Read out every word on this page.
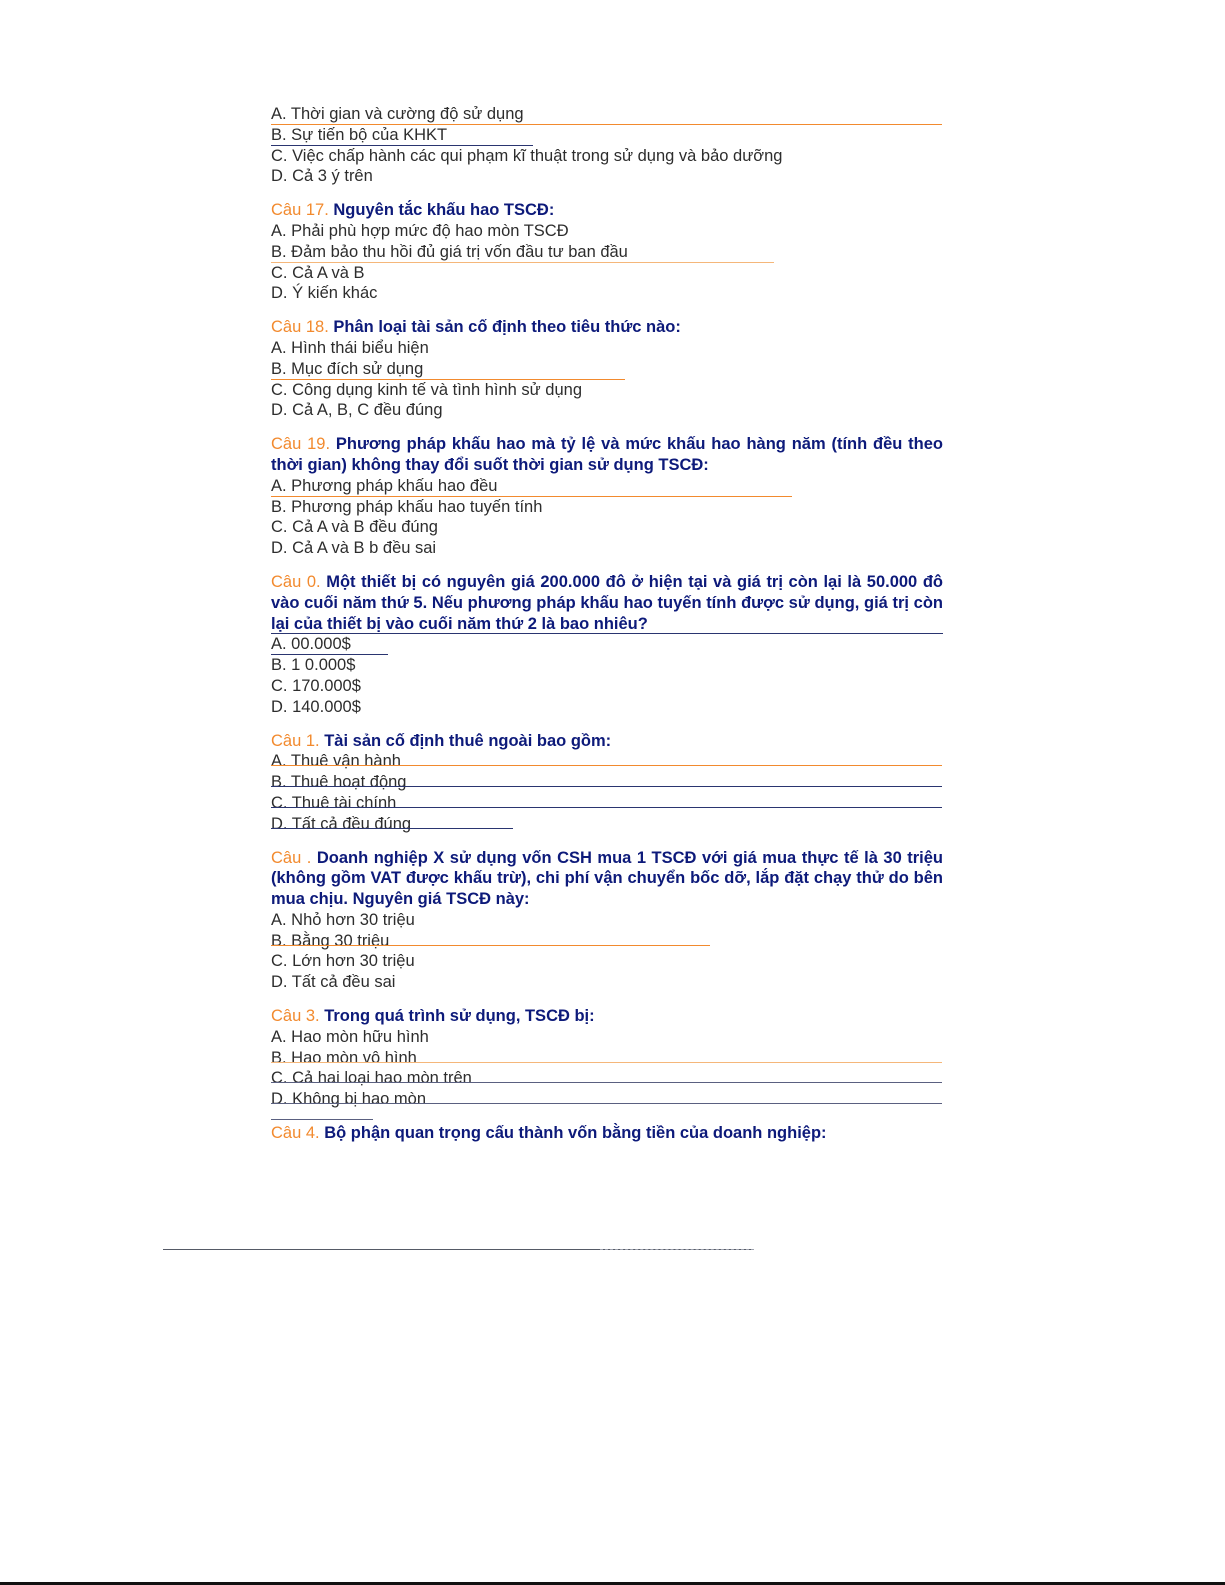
A. Thời gian và cường độ sử dụng
B. Sự tiến bộ của KHKT
C. Việc chấp hành các qui phạm kĩ thuật trong sử dụng và bảo dưỡng
D. Cả 3 ý trên
Câu 17. Nguyên tắc khấu hao TSCĐ:
A. Phải phù hợp mức độ hao mòn TSCĐ
B. Đảm bảo thu hồi đủ giá trị vốn đầu tư ban đầu
C. Cả A và B
D. Ý kiến khác
Câu 18. Phân loại tài sản cố định theo tiêu thức nào:
A. Hình thái biểu hiện
B. Mục đích sử dụng
C. Công dụng kinh tế và tình hình sử dụng
D. Cả A, B, C đều đúng
Câu 19. Phương pháp khấu hao mà tỷ lệ và mức khấu hao hàng năm (tính đều theo thời gian) không thay đổi suốt thời gian sử dụng TSCĐ:
A. Phương pháp khấu hao đều
B. Phương pháp khấu hao tuyến tính
C. Cả A và B đều đúng
D. Cả A và B b đều sai
Câu 0. Một thiết bị có nguyên giá 200.000 đô ở hiện tại và giá trị còn lại là 50.000 đô vào cuối năm thứ 5. Nếu phương pháp khấu hao tuyến tính được sử dụng, giá trị còn lại của thiết bị vào cuối năm thứ 2 là bao nhiêu?
A. 00.000$
B. 1 0.000$
C. 170.000$
D. 140.000$
Câu 1. Tài sản cố định thuê ngoài bao gồm:
A. Thuê vận hành
B. Thuê hoạt động
C. Thuê tài chính
D. Tất cả đều đúng
Câu . Doanh nghiệp X sử dụng vốn CSH mua 1 TSCĐ với giá mua thực tế là 30 triệu (không gồm VAT được khấu trừ), chi phí vận chuyển bốc dỡ, lắp đặt chạy thử do bên mua chịu. Nguyên giá TSCĐ này:
A. Nhỏ hơn 30 triệu
B. Bằng 30 triệu
C. Lớn hơn 30 triệu
D. Tất cả đều sai
Câu 3. Trong quá trình sử dụng, TSCĐ bị:
A. Hao mòn hữu hình
B. Hao mòn vô hình
C. Cả hai loại hao mòn trên
D. Không bị hao mòn
Câu 4. Bộ phận quan trọng cấu thành vốn bằng tiền của doanh nghiệp:
